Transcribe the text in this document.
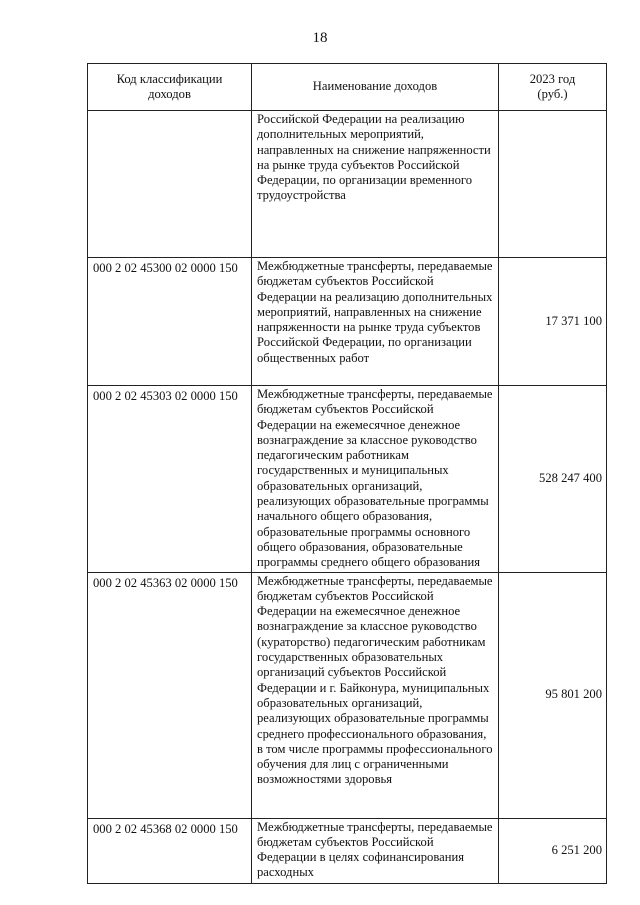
18
Код классификации доходов	Наименование доходов	2023 год (руб.)

	Российской Федерации на реализацию дополнительных мероприятий, направленных на снижение напряженности на рынке труда субъектов Российской Федерации, по организации временного трудоустройства	
000 2 02 45300 02 0000 150	Межбюджетные трансферты, передаваемые бюджетам субъектов Российской Федерации на реализацию дополнительных мероприятий, направленных на снижение напряженности на рынке труда субъектов Российской Федерации, по организации общественных работ	17 371 100
000 2 02 45303 02 0000 150	Межбюджетные трансферты, передаваемые бюджетам субъектов Российской Федерации на ежемесячное денежное вознаграждение за классное руководство педагогическим работникам государственных и муниципальных образовательных организаций, реализующих образовательные программы начального общего образования, образовательные программы основного общего образования, образовательные программы среднего общего образования	528 247 400
000 2 02 45363 02 0000 150	Межбюджетные трансферты, передаваемые бюджетам субъектов Российской Федерации на ежемесячное денежное вознаграждение за классное руководство (кураторство) педагогическим работникам государственных образовательных организаций субъектов Российской Федерации и г. Байконура, муниципальных образовательных организаций, реализующих образовательные программы среднего профессионального образования, в том числе программы профессионального обучения для лиц с ограниченными возможностями здоровья	95 801 200
000 2 02 45368 02 0000 150	Межбюджетные трансферты, передаваемые бюджетам субъектов Российской Федерации в целях софинансирования расходных	6 251 200
